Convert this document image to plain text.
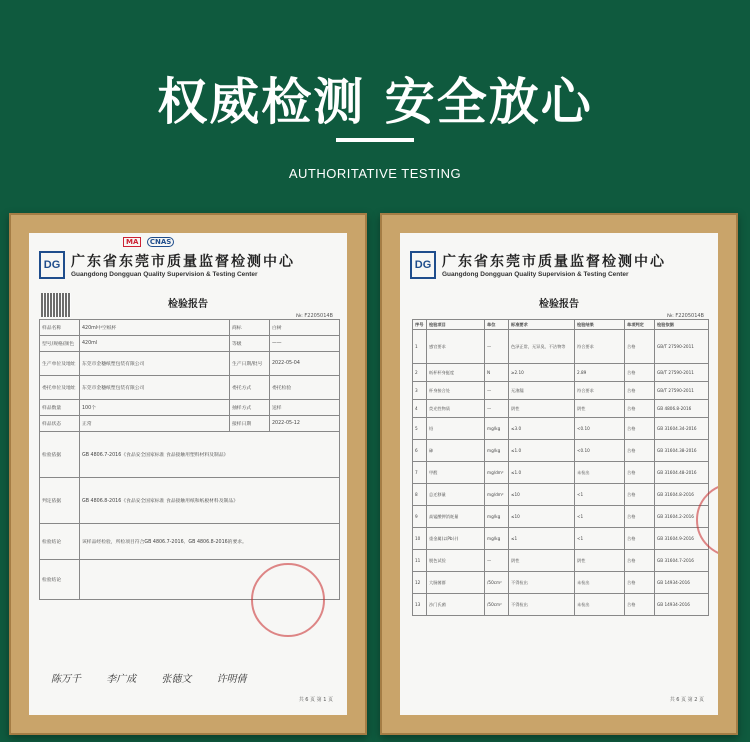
权威检测 安全放心
AUTHORITATIVE TESTING
MA CNAS
DG 广东省东莞市质量监督检测中心
Guangdong Dongguan Quality Supervision & Testing Center
检验报告
№: F2205014B
样品名称	420ml中空纸杯	商标	白树
型号/规格/颜色	420ml	等级	——
生产单位及地址	东莞市金穗纸塑包装有限公司	生产日期/批号	2022-05-04
委托单位及地址	东莞市金穗纸塑包装有限公司	委托方式	委托检验
样品数量	100个	抽样方式	送样
样品状态	正常	接样日期	2022-05-12
检验依据	GB 4806.7-2016《食品安全国家标准 食品接触用塑料材料及制品》		
判定依据	GB 4806.8-2016《食品安全国家标准 食品接触用纸和纸板材料及制品》		
检验结论	该样品经检验，所检项目符合GB 4806.7-2016、GB 4806.8-2016的要求。		
检验结论			
陈万千	李广成	张德文	许明倩
共 6 页 第 1 页
DG 广东省东莞市质量监督检测中心
Guangdong Dongguan Quality Supervision & Testing Center
检验报告
№: F2205014B
序号	检验项目	单位	标准要求	检验结果	单项判定	检验依据
1	感官要求	—	色泽正常，无异臭、不洁物等	符合要求	合格	GB/T 27590-2011
2	纸杯杯身挺度	N	≥2.10	2.89	合格	GB/T 27590-2011
3	杯身接合处	—	无渗漏	符合要求	合格	GB/T 27590-2011
4	荧光性物质	—	阴性	阴性	合格	GB 4806.8-2016
5	铅	mg/kg	≤3.0	<0.10	合格	GB 31604.34-2016
6	砷	mg/kg	≤1.0	<0.10	合格	GB 31604.38-2016
7	甲醛	mg/dm²	≤1.0	未检出	合格	GB 31604.48-2016
8	总迁移量	mg/dm²	≤10	<1	合格	GB 31604.8-2016
9	高锰酸钾消耗量	mg/kg	≤10	<1	合格	GB 31604.2-2016
10	重金属(以Pb计)	mg/kg	≤1	<1	合格	GB 31604.9-2016
11	脱色试验	—	阴性	阴性	合格	GB 31604.7-2016
12	大肠菌群	/50cm²	不得检出	未检出	合格	GB 14934-2016
13	沙门氏菌	/50cm²	不得检出	未检出	合格	GB 14934-2016
共 6 页 第 2 页
